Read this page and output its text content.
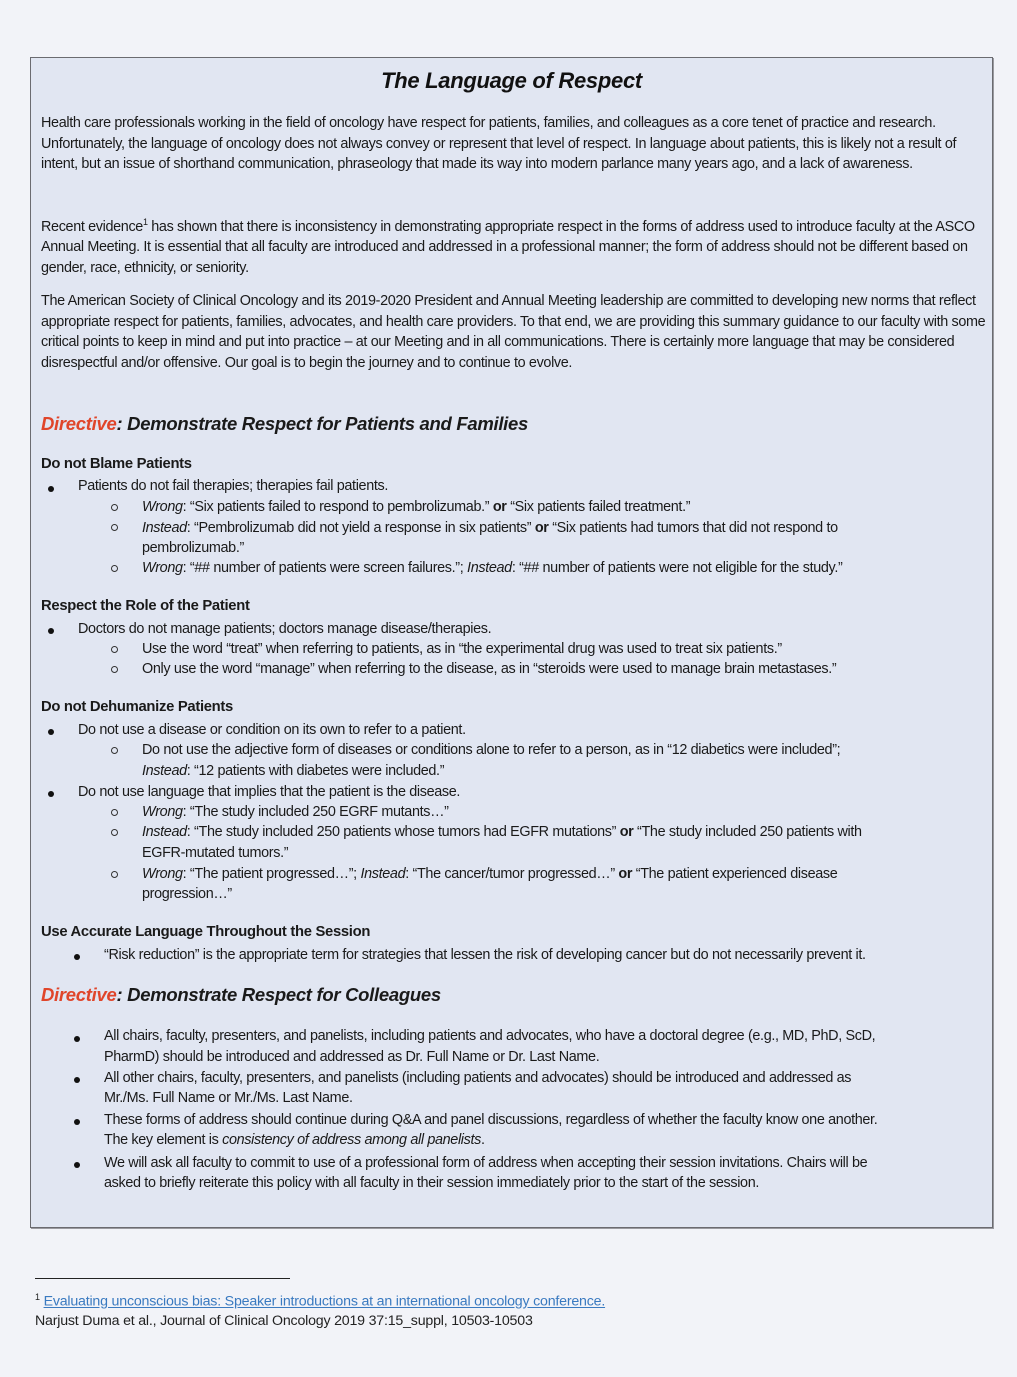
The Language of Respect
Health care professionals working in the field of oncology have respect for patients, families, and colleagues as a core tenet of practice and research. Unfortunately, the language of oncology does not always convey or represent that level of respect. In language about patients, this is likely not a result of intent, but an issue of shorthand communication, phraseology that made its way into modern parlance many years ago, and a lack of awareness.
Recent evidence$^1$ has shown that there is inconsistency in demonstrating appropriate respect in the forms of address used to introduce faculty at the ASCO Annual Meeting. It is essential that all faculty are introduced and addressed in a professional manner; the form of address should not be different based on gender, race, ethnicity, or seniority.
The American Society of Clinical Oncology and its 2019-2020 President and Annual Meeting leadership are committed to developing new norms that reflect appropriate respect for patients, families, advocates, and health care providers. To that end, we are providing this summary guidance to our faculty with some critical points to keep in mind and put into practice – at our Meeting and in all communications. There is certainly more language that may be considered disrespectful and/or offensive. Our goal is to begin the journey and to continue to evolve.
Directive: Demonstrate Respect for Patients and Families
Do not Blame Patients
Patients do not fail therapies; therapies fail patients.
Wrong: “Six patients failed to respond to pembrolizumab.” or “Six patients failed treatment.”
Instead: “Pembrolizumab did not yield a response in six patients” or “Six patients had tumors that did not respond to
pembrolizumab.”
Wrong: “## number of patients were screen failures.”; Instead: “## number of patients were not eligible for the study.”
Respect the Role of the Patient
Doctors do not manage patients; doctors manage disease/therapies.
Use the word “treat” when referring to patients, as in “the experimental drug was used to treat six patients.”
Only use the word “manage” when referring to the disease, as in “steroids were used to manage brain metastases.”
Do not Dehumanize Patients
Do not use a disease or condition on its own to refer to a patient.
Do not use the adjective form of diseases or conditions alone to refer to a person, as in “12 diabetics were included”;
Instead: “12 patients with diabetes were included.”
Do not use language that implies that the patient is the disease.
Wrong: “The study included 250 EGRF mutants…”
Instead: “The study included 250 patients whose tumors had EGFR mutations” or “The study included 250 patients with
EGFR-mutated tumors.”
Wrong: “The patient progressed…”; Instead: “The cancer/tumor progressed…” or “The patient experienced disease
progression…”
Use Accurate Language Throughout the Session
“Risk reduction” is the appropriate term for strategies that lessen the risk of developing cancer but do not necessarily prevent it.
Directive: Demonstrate Respect for Colleagues
All chairs, faculty, presenters, and panelists, including patients and advocates, who have a doctoral degree (e.g., MD, PhD, ScD,
PharmD) should be introduced and addressed as Dr. Full Name or Dr. Last Name.
All other chairs, faculty, presenters, and panelists (including patients and advocates) should be introduced and addressed as
Mr./Ms. Full Name or Mr./Ms. Last Name.
These forms of address should continue during Q&A and panel discussions, regardless of whether the faculty know one another.
The key element is consistency of address among all panelists.
We will ask all faculty to commit to use of a professional form of address when accepting their session invitations. Chairs will be
asked to briefly reiterate this policy with all faculty in their session immediately prior to the start of the session.
$^1$ Evaluating unconscious bias: Speaker introductions at an international oncology conference.
Narjust Duma et al., Journal of Clinical Oncology 2019 37:15_suppl, 10503-10503
